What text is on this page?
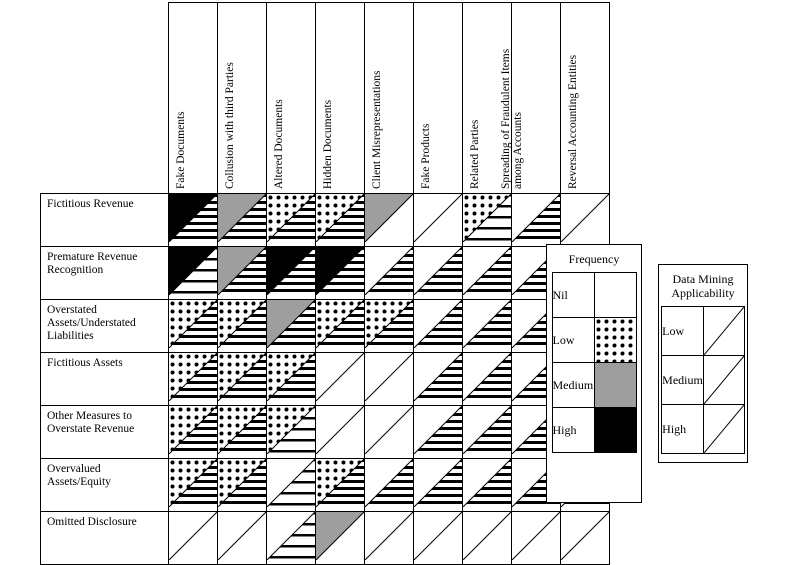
	Fake Documents	Collusion with third Parties	Altered Documents	Hidden Documents	Client Misrepresentations	Fake Products	Related Parties	Spreading of Fraudulent Items among Accounts	Reversal Accounting Entities

Fictitious Revenue	

Premature Revenue Recognition	

Overstated Assets/Understated Liabilities	

Fictitious Assets	

Other Measures to Overstate Revenue	

Overvalued Assets/Equity	

Omitted Disclosure	

Frequency
Nil	

Low	

Medium	

High	
Data Mining Applicability
Low	

Medium	

High	
